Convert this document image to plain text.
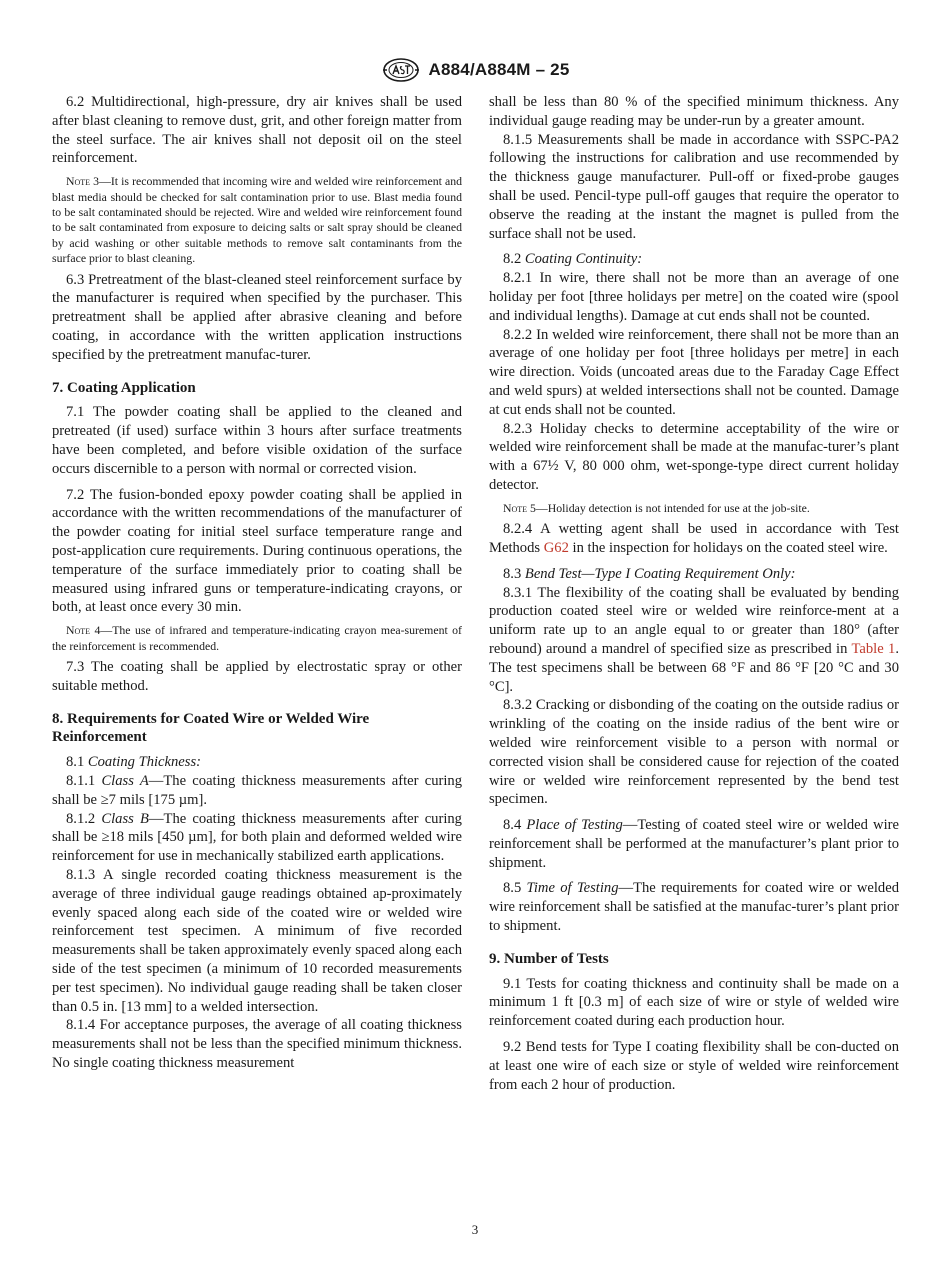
A884/A884M – 25

6.2 Multidirectional, high-pressure, dry air knives shall be used after blast cleaning to remove dust, grit, and other foreign matter from the steel surface. The air knives shall not deposit oil on the steel reinforcement.

Note 3—It is recommended that incoming wire and welded wire reinforcement and blast media should be checked for salt contamination prior to use. Blast media found to be salt contaminated should be rejected. Wire and welded wire reinforcement found to be salt contaminated from exposure to deicing salts or salt spray should be cleaned by acid washing or other suitable methods to remove salt contaminants from the surface prior to blast cleaning.

6.3 Pretreatment of the blast-cleaned steel reinforcement surface by the manufacturer is required when specified by the purchaser. This pretreatment shall be applied after abrasive cleaning and before coating, in accordance with the written application instructions specified by the pretreatment manufac-turer.

7. Coating Application

7.1 The powder coating shall be applied to the cleaned and pretreated (if used) surface within 3 hours after surface treatments have been completed, and before visible oxidation of the surface occurs discernible to a person with normal or corrected vision.

7.2 The fusion-bonded epoxy powder coating shall be applied in accordance with the written recommendations of the manufacturer of the powder coating for initial steel surface temperature range and post-application cure requirements. During continuous operations, the temperature of the surface immediately prior to coating shall be measured using infrared guns or temperature-indicating crayons, or both, at least once every 30 min.

Note 4—The use of infrared and temperature-indicating crayon mea-surement of the reinforcement is recommended.

7.3 The coating shall be applied by electrostatic spray or other suitable method.

8. Requirements for Coated Wire or Welded Wire Reinforcement

8.1 Coating Thickness:

8.1.1 Class A—The coating thickness measurements after curing shall be ≥7 mils [175 µm].

8.1.2 Class B—The coating thickness measurements after curing shall be ≥18 mils [450 µm], for both plain and deformed welded wire reinforcement for use in mechanically stabilized earth applications.

8.1.3 A single recorded coating thickness measurement is the average of three individual gauge readings obtained ap-proximately evenly spaced along each side of the coated wire or welded wire reinforcement test specimen. A minimum of five recorded measurements shall be taken approximately evenly spaced along each side of the test specimen (a minimum of 10 recorded measurements per test specimen). No individual gauge reading shall be taken closer than 0.5 in. [13 mm] to a welded intersection.

8.1.4 For acceptance purposes, the average of all coating thickness measurements shall not be less than the specified minimum thickness. No single coating thickness measurement

shall be less than 80 % of the specified minimum thickness. Any individual gauge reading may be under-run by a greater amount.

8.1.5 Measurements shall be made in accordance with SSPC-PA2 following the instructions for calibration and use recommended by the thickness gauge manufacturer. Pull-off or fixed-probe gauges shall be used. Pencil-type pull-off gauges that require the operator to observe the reading at the instant the magnet is pulled from the surface shall not be used.

8.2 Coating Continuity:

8.2.1 In wire, there shall not be more than an average of one holiday per foot [three holidays per metre] on the coated wire (spool and individual lengths). Damage at cut ends shall not be counted.

8.2.2 In welded wire reinforcement, there shall not be more than an average of one holiday per foot [three holidays per metre] in each wire direction. Voids (uncoated areas due to the Faraday Cage Effect and weld spurs) at welded intersections shall not be counted. Damage at cut ends shall not be counted.

8.2.3 Holiday checks to determine acceptability of the wire or welded wire reinforcement shall be made at the manufac-turer’s plant with a 67½ V, 80 000 ohm, wet-sponge-type direct current holiday detector.

Note 5—Holiday detection is not intended for use at the job-site.

8.2.4 A wetting agent shall be used in accordance with Test Methods G62 in the inspection for holidays on the coated steel wire.

8.3 Bend Test—Type I Coating Requirement Only:

8.3.1 The flexibility of the coating shall be evaluated by bending production coated steel wire or welded wire reinforce-ment at a uniform rate up to an angle equal to or greater than 180° (after rebound) around a mandrel of specified size as prescribed in Table 1. The test specimens shall be between 68 °F and 86 °F [20 °C and 30 °C].

8.3.2 Cracking or disbonding of the coating on the outside radius or wrinkling of the coating on the inside radius of the bent wire or welded wire reinforcement visible to a person with normal or corrected vision shall be considered cause for rejection of the coated wire or welded wire reinforcement represented by the bend test specimen.

8.4 Place of Testing—Testing of coated steel wire or welded wire reinforcement shall be performed at the manufacturer’s plant prior to shipment.

8.5 Time of Testing—The requirements for coated wire or welded wire reinforcement shall be satisfied at the manufac-turer’s plant prior to shipment.

9. Number of Tests

9.1 Tests for coating thickness and continuity shall be made on a minimum 1 ft [0.3 m] of each size of wire or style of welded wire reinforcement coated during each production hour.

9.2 Bend tests for Type I coating flexibility shall be con-ducted on at least one wire of each size or style of welded wire reinforcement from each 2 hour of production.

3
